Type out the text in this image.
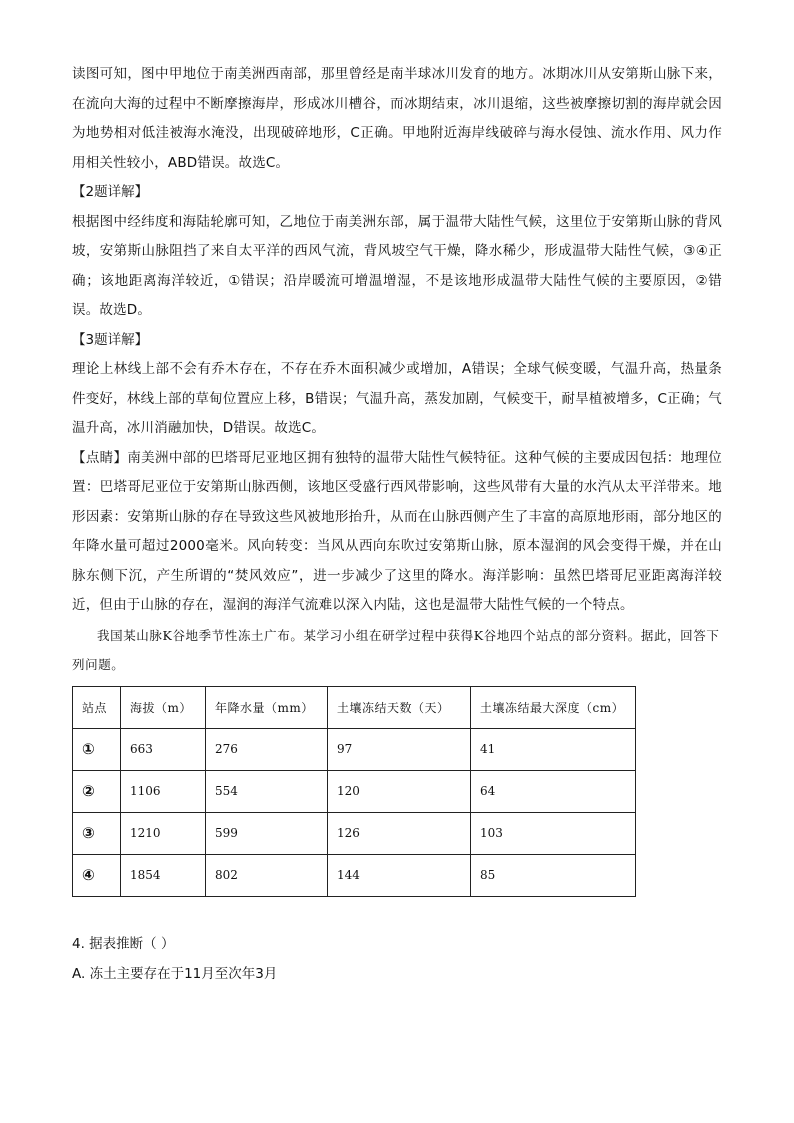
读图可知，图中甲地位于南美洲西南部，那里曾经是南半球冰川发育的地方。冰期冰川从安第斯山脉下来，在流向大海的过程中不断摩擦海岸，形成冰川槽谷，而冰期结束，冰川退缩，这些被摩擦切割的海岸就会因为地势相对低洼被海水淹没，出现破碎地形，C正确。甲地附近海岸线破碎与海水侵蚀、流水作用、风力作用相关性较小，ABD错误。故选C。

【2题详解】

根据图中经纬度和海陆轮廓可知，乙地位于南美洲东部，属于温带大陆性气候，这里位于安第斯山脉的背风坡，安第斯山脉阻挡了来自太平洋的西风气流，背风坡空气干燥，降水稀少，形成温带大陆性气候，③④正确；该地距离海洋较近，①错误；沿岸暖流可增温增湿，不是该地形成温带大陆性气候的主要原因，②错误。故选D。

【3题详解】

理论上林线上部不会有乔木存在，不存在乔木面积减少或增加，A错误；全球气候变暖，气温升高，热量条件变好，林线上部的草甸位置应上移，B错误；气温升高，蒸发加剧，气候变干，耐旱植被增多，C正确；气温升高，冰川消融加快，D错误。故选C。

【点睛】南美洲中部的巴塔哥尼亚地区拥有独特的温带大陆性气候特征。这种气候的主要成因包括：地理位置：巴塔哥尼亚位于安第斯山脉西侧，该地区受盛行西风带影响，这些风带有大量的水汽从太平洋带来。地形因素：安第斯山脉的存在导致这些风被地形抬升，从而在山脉西侧产生了丰富的高原地形雨，部分地区的年降水量可超过2000毫米。风向转变：当风从西向东吹过安第斯山脉，原本湿润的风会变得干燥，并在山脉东侧下沉，产生所谓的“焚风效应”，进一步减少了这里的降水。海洋影响：虽然巴塔哥尼亚距离海洋较近，但由于山脉的存在，湿润的海洋气流难以深入内陆，这也是温带大陆性气候的一个特点。

我国某山脉K谷地季节性冻土广布。某学习小组在研学过程中获得K谷地四个站点的部分资料。据此，回答下列问题。

站点	海拔（m）	年降水量（mm）	土壤冻结天数（天）	土壤冻结最大深度（cm）
①	663	276	97	41
②	1106	554	120	64
③	1210	599	126	103
④	1854	802	144	85

4. 据表推断（ ）

A. 冻土主要存在于11月至次年3月
